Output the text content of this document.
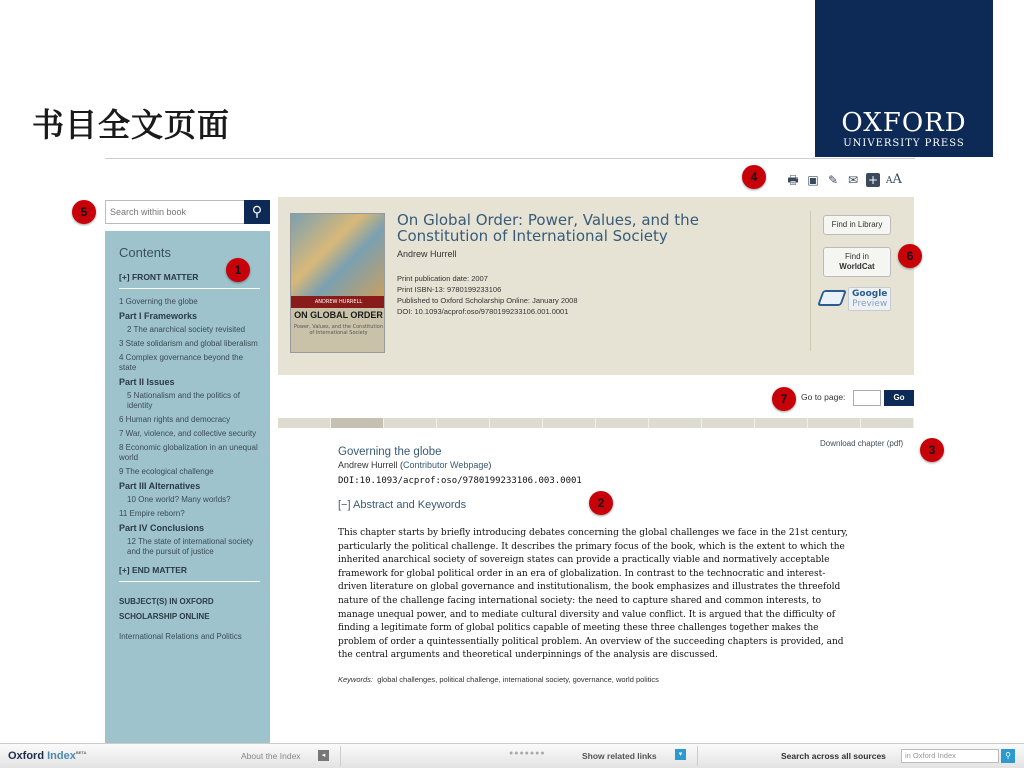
书目全文页面	OXFORD
UNIVERSITY PRESS
🖶 ▣ ✎ ✉ + AA
Search within book
⚲
Contents
[+] FRONT MATTER
1 Governing the globe
Part I Frameworks
2 The anarchical society revisited
3 State solidarism and global liberalism
4 Complex governance beyond the state
Part II Issues
5 Nationalism and the politics of identity
6 Human rights and democracy
7 War, violence, and collective security
8 Economic globalization in an unequal world
9 The ecological challenge
Part III Alternatives
10 One world? Many worlds?
11 Empire reborn?
Part IV Conclusions
12 The state of international society and the pursuit of justice
[+] END MATTER
SUBJECT(S) IN OXFORD SCHOLARSHIP ONLINE
International Relations and Politics
ANDREW HURRELL
ON GLOBAL ORDER
Power, Values, and the Constitution of International Society
On Global Order: Power, Values, and the Constitution of International Society
Andrew Hurrell
Print publication date: 2007
Print ISBN-13: 9780199233106
Published to Oxford Scholarship Online: January 2008
DOI: 10.1093/acprof:oso/9780199233106.001.0001
Find in Library
Find in
WorldCat
Google
Preview
Go to page:	Go
Download chapter (pdf)
Governing the globe
Andrew Hurrell (Contributor Webpage)
DOI:10.1093/acprof:oso/9780199233106.003.0001
[−] Abstract and Keywords
This chapter starts by briefly introducing debates concerning the global challenges we face in the 21st century, particularly the political challenge. It describes the primary focus of the book, which is the extent to which the inherited anarchical society of sovereign states can provide a practically viable and normatively acceptable framework for global political order in an era of globalization. In contrast to the technocratic and interest-driven literature on global governance and institutionalism, the book emphasizes and illustrates the threefold nature of the challenge facing international society: the need to capture shared and common interests, to manage unequal power, and to mediate cultural diversity and value conflict. It is argued that the difficulty of finding a legitimate form of global politics capable of meeting these three challenges together makes the problem of order a quintessentially political problem. An overview of the succeeding chapters is provided, and the central arguments and theoretical underpinnings of the analysis are discussed.
Keywords: global challenges, political challenge, international society, governance, world politics
1
2
3
4
5
6
7
Oxford Index$^{BETA}$	About the Index	◂	●●●●●●●	Show related links	▾	Search across all sources	in Oxford Index	⚲
